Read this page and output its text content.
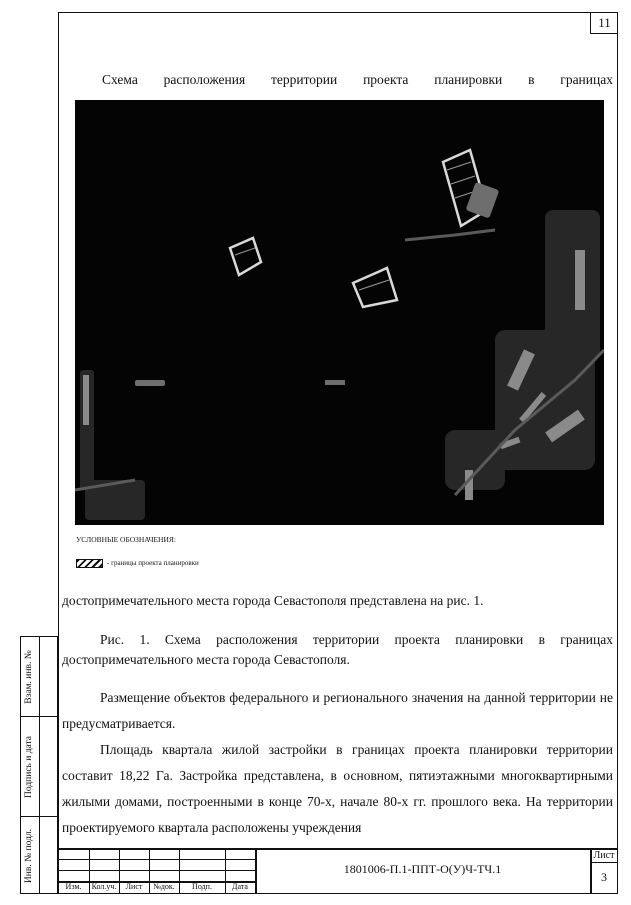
11
Взам. инв. №
Подпись и дата
Инв. № подл.
Схема расположения территории проекта планировки в границах
УСЛОВНЫЕ ОБОЗНАЧЕНИЯ:
- границы проекта планировки
достопримечательного места города Севастополя представлена на рис. 1.
Рис. 1. Схема расположения территории проекта планировки в границах достопримечательного места города Севастополя.
Размещение объектов федерального и регионального значения на данной территории не предусматривается.
Площадь квартала жилой застройки в границах проекта планировки территории составит 18,22 Га. Застройка представлена, в основном, пятиэтажными многоквартирными жилыми домами, построенными в конце 70-х, начале 80-х гг. прошлого века. На территории проектируемого квартала расположены учреждения
Изм.	Кол.уч.	Лист	№док.	Подп.	Дата
1801006-П.1-ППТ-О(У)Ч-ТЧ.1
Лист
3
